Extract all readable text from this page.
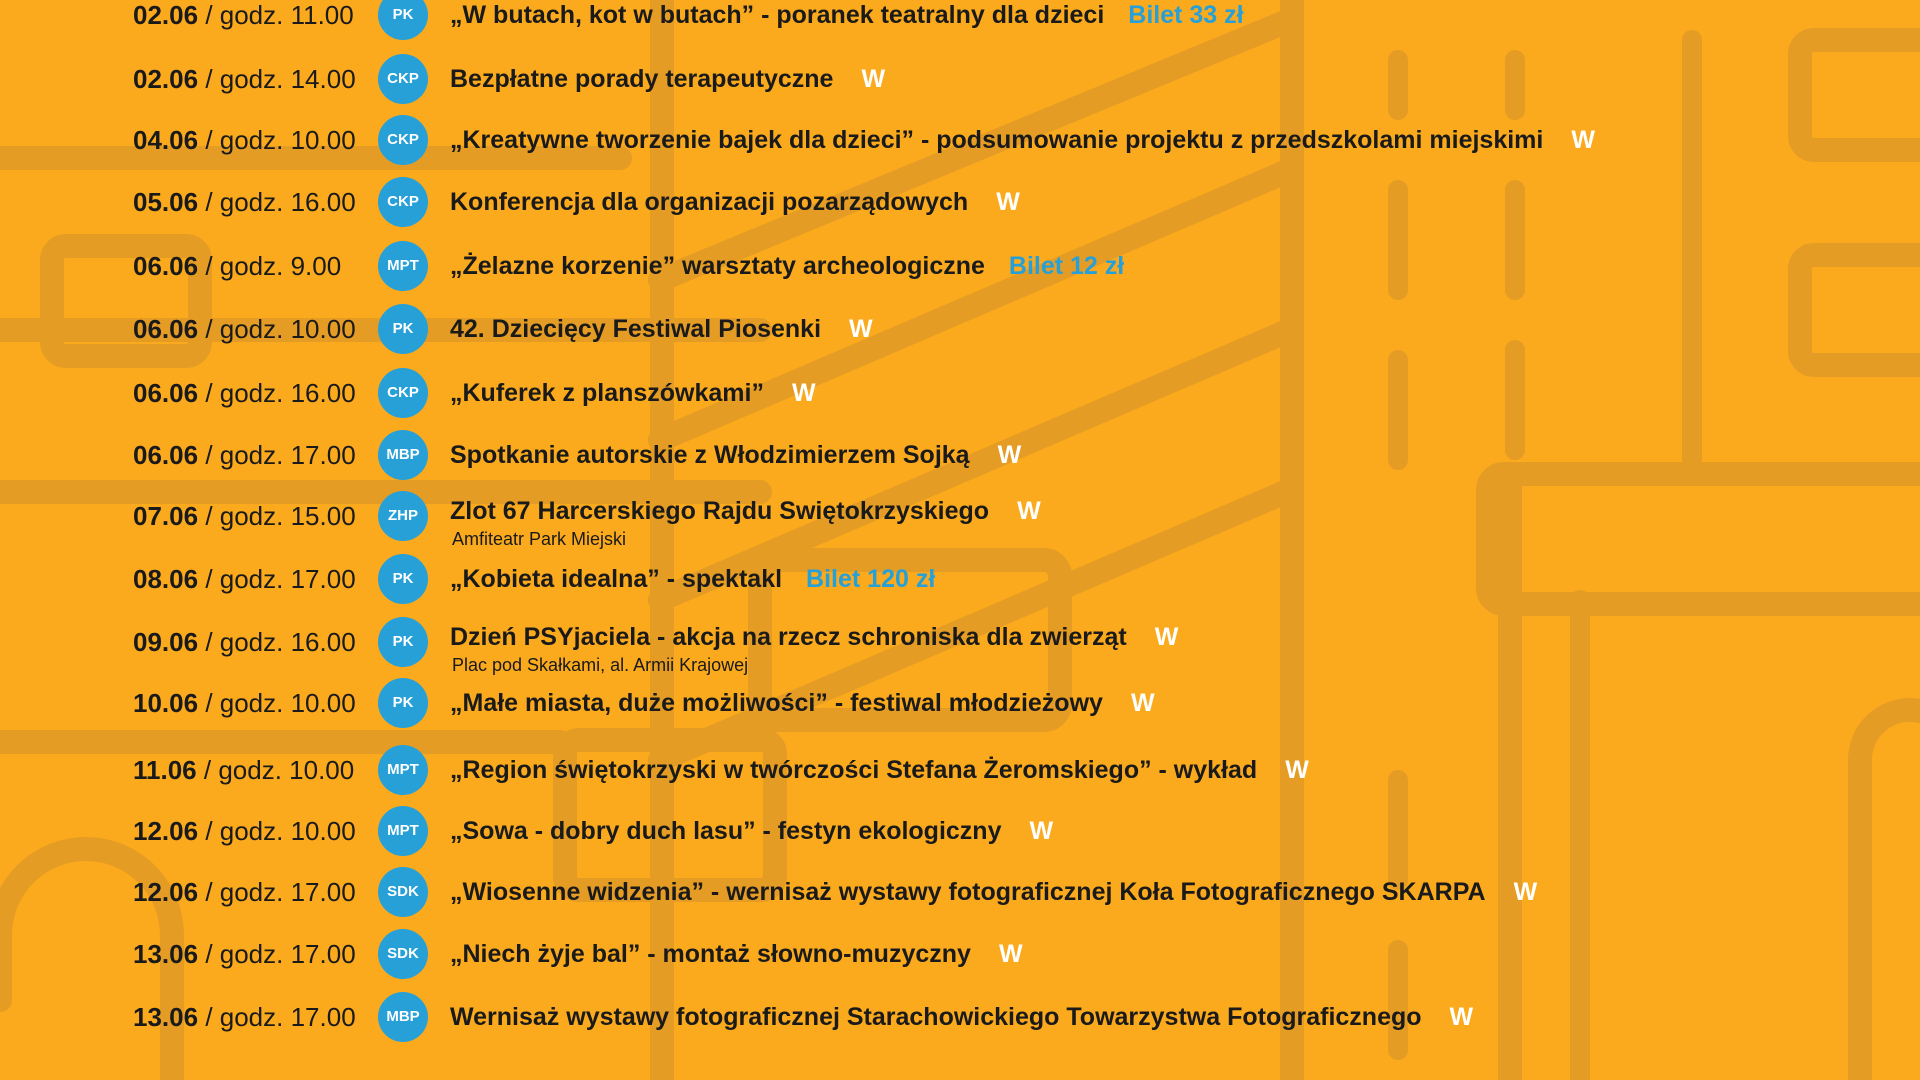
02.06 / godz. 11.00	PK	„W butach, kot w butach” - poranek teatralny dla dzieci Bilet 33 zł
02.06 / godz. 14.00	CKP	Bezpłatne porady terapeutyczne W
04.06 / godz. 10.00	CKP	„Kreatywne tworzenie bajek dla dzieci” - podsumowanie projektu z przedszkolami miejskimi W
05.06 / godz. 16.00	CKP	Konferencja dla organizacji pozarządowych W
06.06 / godz. 9.00	MPT	„Żelazne korzenie” warsztaty archeologiczne Bilet 12 zł
06.06 / godz. 10.00	PK	42. Dziecięcy Festiwal Piosenki W
06.06 / godz. 16.00	CKP	„Kuferek z planszówkami” W
06.06 / godz. 17.00	MBP	Spotkanie autorskie z Włodzimierzem Sojką W
07.06 / godz. 15.00	ZHP	Zlot 67 Harcerskiego Rajdu Swiętokrzyskiego W
Amfiteatr Park Miejski
08.06 / godz. 17.00	PK	„Kobieta idealna” - spektakl Bilet 120 zł
09.06 / godz. 16.00	PK	Dzień PSYjaciela - akcja na rzecz schroniska dla zwierząt W
Plac pod Skałkami, al. Armii Krajowej
10.06 / godz. 10.00	PK	„Małe miasta, duże możliwości” - festiwal młodzieżowy W
11.06 / godz. 10.00	MPT	„Region świętokrzyski w twórczości Stefana Żeromskiego” - wykład W
12.06 / godz. 10.00	MPT	„Sowa - dobry duch lasu” - festyn ekologiczny W
12.06 / godz. 17.00	SDK	„Wiosenne widzenia” - wernisaż wystawy fotograficznej Koła Fotograficznego SKARPA W
13.06 / godz. 17.00	SDK	„Niech żyje bal” - montaż słowno-muzyczny W
13.06 / godz. 17.00	MBP	Wernisaż wystawy fotograficznej Starachowickiego Towarzystwa Fotograficznego W
